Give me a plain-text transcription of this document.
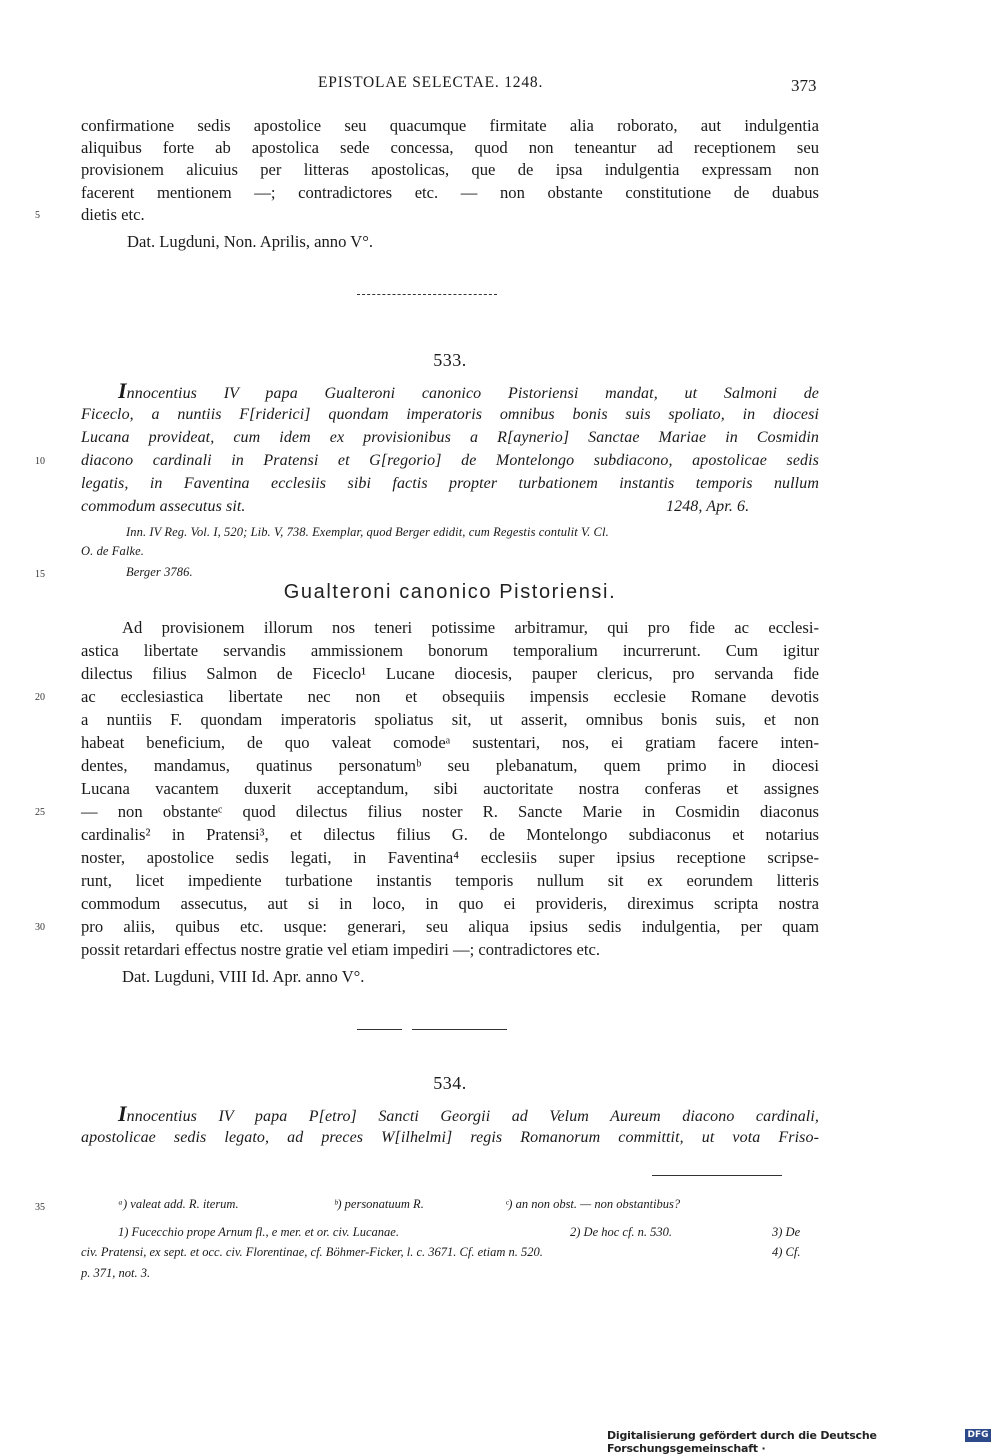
EPISTOLAE SELECTAE. 1248.	373
confirmatione sedis apostolice seu quacumque firmitate alia roborato, aut indulgentia
aliquibus forte ab apostolica sede concessa, quod non teneantur ad receptionem seu
provisionem alicuius per litteras apostolicas, que de ipsa indulgentia expressam non
facerent mentionem —; contradictores etc. — non obstante constitutione de duabus
dietis etc.
5
Dat. Lugduni, Non. Aprilis, anno V°.
533.
Innocentius IV papa Gualteroni canonico Pistoriensi mandat, ut Salmoni de
Ficeclo, a nuntiis F[riderici] quondam imperatoris omnibus bonis suis spoliato, in diocesi
Lucana provideat, cum idem ex provisionibus a R[aynerio] Sanctae Mariae in Cosmidin
diacono cardinali in Pratensi et G[regorio] de Montelongo subdiacono, apostolicae sedis
10
legatis, in Faventina ecclesiis sibi factis propter turbationem instantis temporis nullum
commodum assecutus sit.	1248, Apr. 6.
Inn. IV Reg. Vol. I, 520; Lib. V, 738. Exemplar, quod Berger edidit, cum Regestis contulit V. Cl.
O. de Falke.
Berger 3786.
15
Gualteroni canonico Pistoriensi.
Ad provisionem illorum nos teneri potissime arbitramur, qui pro fide ac ecclesi-
astica libertate servandis ammissionem bonorum temporalium incurrerunt. Cum igitur
dilectus filius Salmon de Ficeclo¹ Lucane diocesis, pauper clericus, pro servanda fide
ac ecclesiastica libertate nec non et obsequiis impensis ecclesie Romane devotis
20
a nuntiis F. quondam imperatoris spoliatus sit, ut asserit, omnibus bonis suis, et non
habeat beneficium, de quo valeat comodeᵃ sustentari, nos, ei gratiam facere inten-
dentes, mandamus, quatinus personatumᵇ seu plebanatum, quem primo in diocesi
Lucana vacantem duxerit acceptandum, sibi auctoritate nostra conferas et assignes
— non obstanteᶜ quod dilectus filius noster R. Sancte Marie in Cosmidin diaconus
25
cardinalis² in Pratensi³, et dilectus filius G. de Montelongo subdiaconus et notarius
noster, apostolice sedis legati, in Faventina⁴ ecclesiis super ipsius receptione scripse-
runt, licet impediente turbatione instantis temporis nullum sit ex eorundem litteris
commodum assecutus, aut si in loco, in quo ei provideris, direximus scripta nostra
pro aliis, quibus etc. usque: generari, seu aliqua ipsius sedis indulgentia, per quam
30
possit retardari effectus nostre gratie vel etiam impediri —; contradictores etc.
Dat. Lugduni, VIII Id. Apr. anno V°.
534.
Innocentius IV papa P[etro] Sancti Georgii ad Velum Aureum diacono cardinali,
apostolicae sedis legato, ad preces W[ilhelmi] regis Romanorum committit, ut vota Friso-
35	ᵃ) valeat add. R. iterum.	ᵇ) personatuum R.	ᶜ) an non obst. — non obstantibus?
1) Fucecchio prope Arnum fl., e mer. et or. civ. Lucanae.	2) De hoc cf. n. 530.	3) De
civ. Pratensi, ex sept. et occ. civ. Florentinae, cf. Böhmer-Ficker, l. c. 3671. Cf. etiam n. 520.	4) Cf.
p. 371, not. 3.
Digitalisierung gefördert durch die Deutsche Forschungsgemeinschaft ·
DFG
